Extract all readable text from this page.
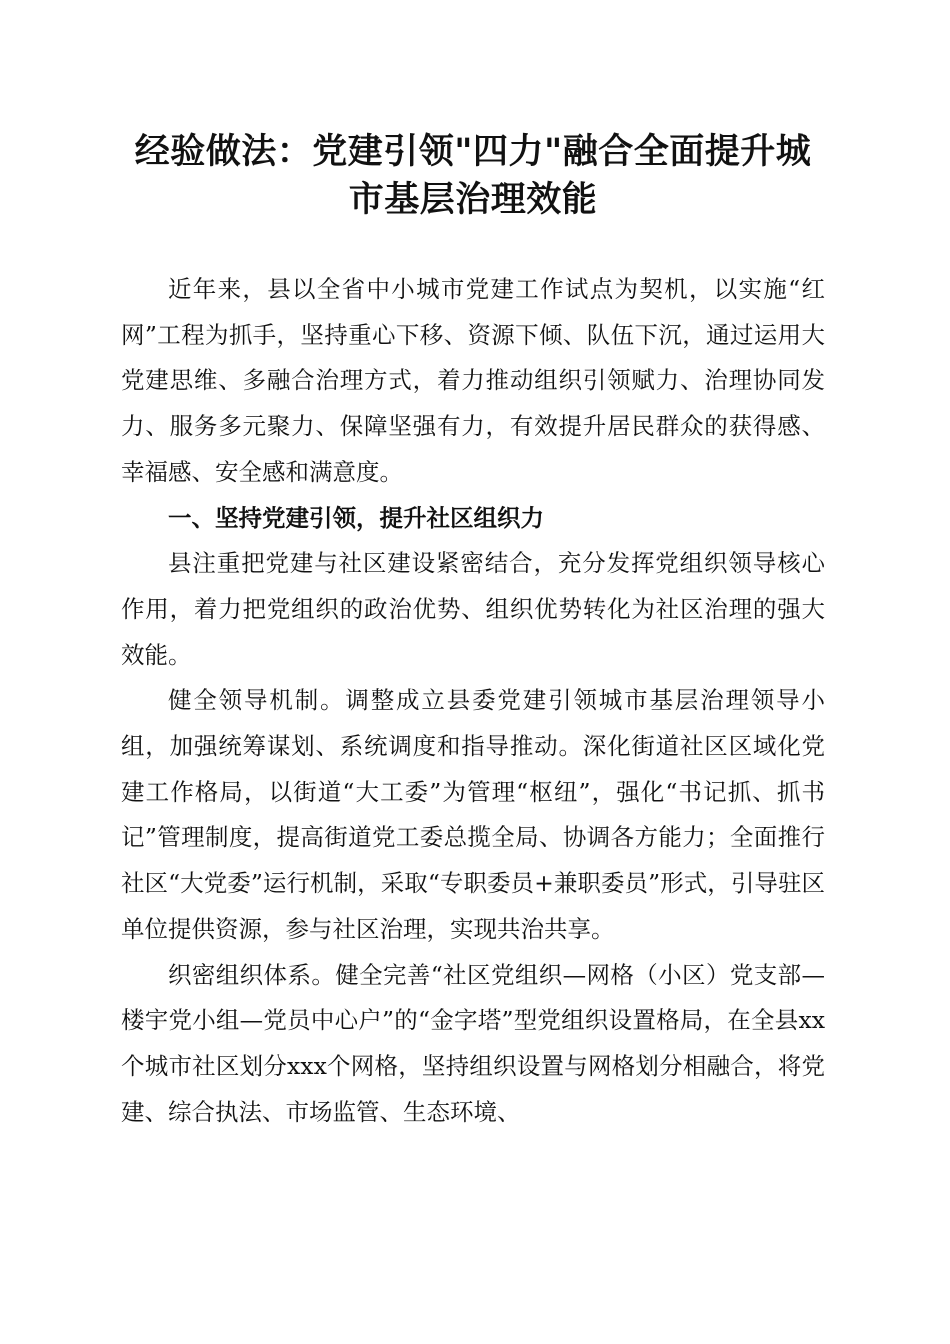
经验做法：党建引领"四力"融合全面提升城市基层治理效能

近年来，县以全省中小城市党建工作试点为契机，以实施“红网”工程为抓手，坚持重心下移、资源下倾、队伍下沉，通过运用大党建思维、多融合治理方式，着力推动组织引领赋力、治理协同发力、服务多元聚力、保障坚强有力，有效提升居民群众的获得感、幸福感、安全感和满意度。

一、坚持党建引领，提升社区组织力

县注重把党建与社区建设紧密结合，充分发挥党组织领导核心作用，着力把党组织的政治优势、组织优势转化为社区治理的强大效能。

健全领导机制。调整成立县委党建引领城市基层治理领导小组，加强统筹谋划、系统调度和指导推动。深化街道社区区域化党建工作格局，以街道“大工委”为管理“枢纽”，强化“书记抓、抓书记”管理制度，提高街道党工委总揽全局、协调各方能力；全面推行社区“大党委”运行机制，采取“专职委员+兼职委员”形式，引导驻区单位提供资源，参与社区治理，实现共治共享。

织密组织体系。健全完善“社区党组织—网格（小区）党支部—楼宇党小组—党员中心户”的“金字塔”型党组织设置格局，在全县xx个城市社区划分xxx个网格，坚持组织设置与网格划分相融合，将党建、综合执法、市场监管、生态环境、
